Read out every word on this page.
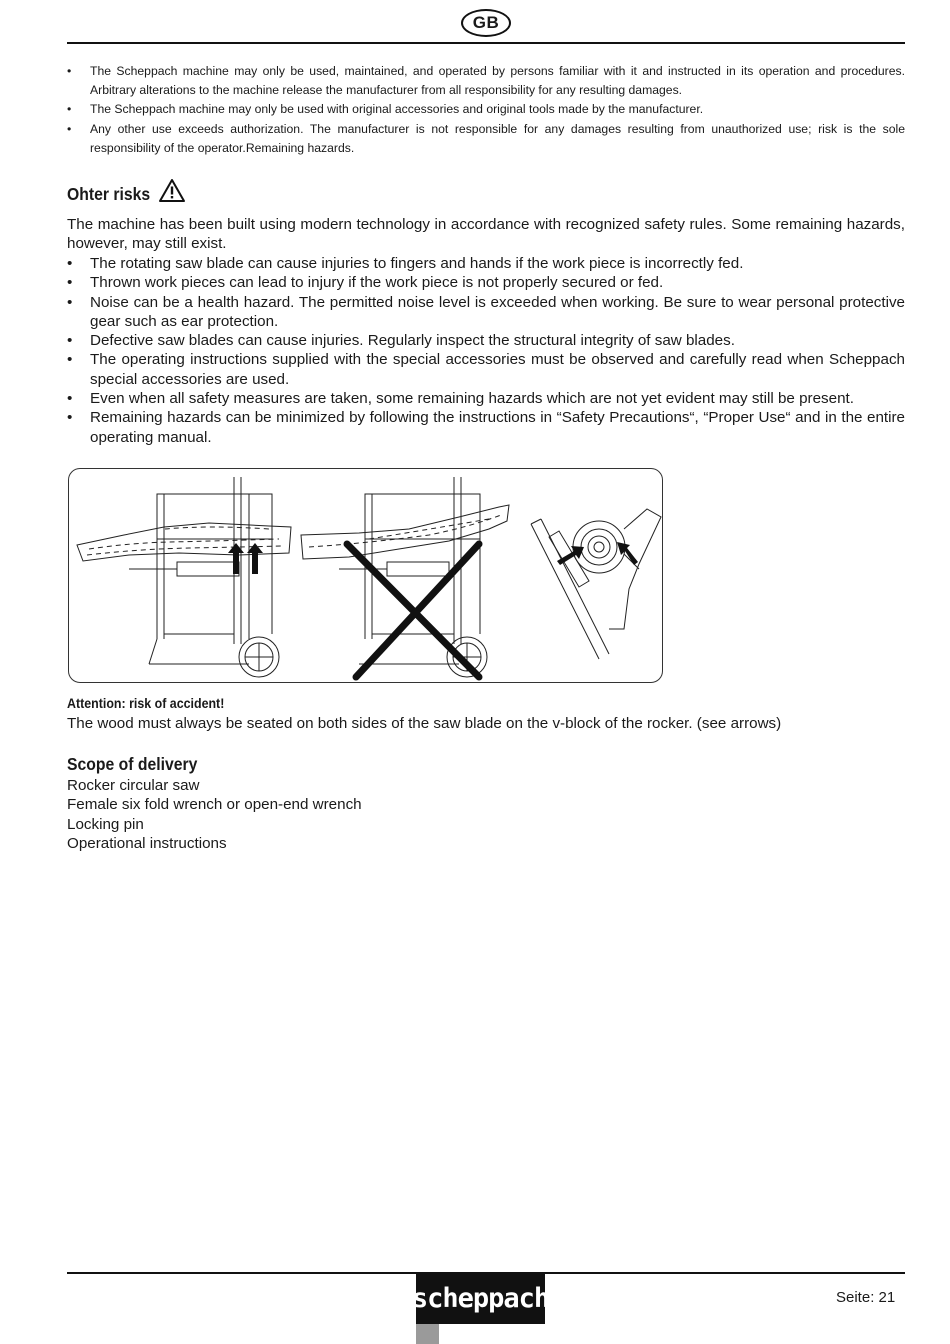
GB
• The Scheppach machine may only be used, maintained, and operated by persons familiar with it and instructed in its operation and procedures. Arbitrary alterations to the machine release the manufacturer from all responsibility for any resulting damages.
• The Scheppach machine may only be used with original accessories and original tools made by the manufacturer.
• Any other use exceeds authorization. The manufacturer is not responsible for any damages resulting from unauthorized use; risk is the sole responsibility of the operator.Remaining hazards.
Ohter risks

The machine has been built using modern technology in accordance with recognized safety rules. Some remaining hazards, however, may still exist.

• The rotating saw blade can cause injuries to fingers and hands if the work piece is incorrectly fed.
• Thrown work pieces can lead to injury if the work piece is not properly secured or fed.
• Noise can be a health hazard. The permitted noise level is exceeded when working. Be sure to wear personal protective gear such as ear protection.
• Defective saw blades can cause injuries. Regularly inspect the structural integrity of saw blades.
• The operating instructions supplied with the special accessories must be observed and carefully read when Scheppach special accessories are used.
• Even when all safety measures are taken, some remaining hazards which are not yet evident may still be present.
• Remaining hazards can be minimized by following the instructions in “Safety Precautions“, “Proper Use“ and in the entire operating manual.
Attention: risk of accident!

The wood must always be seated on both sides of the saw blade on the v-block of the rocker. (see arrows)

Scope of delivery
Rocker circular saw
Female six fold wrench or open-end wrench
Locking pin
Operational instructions
scheppach	Seite: 21
